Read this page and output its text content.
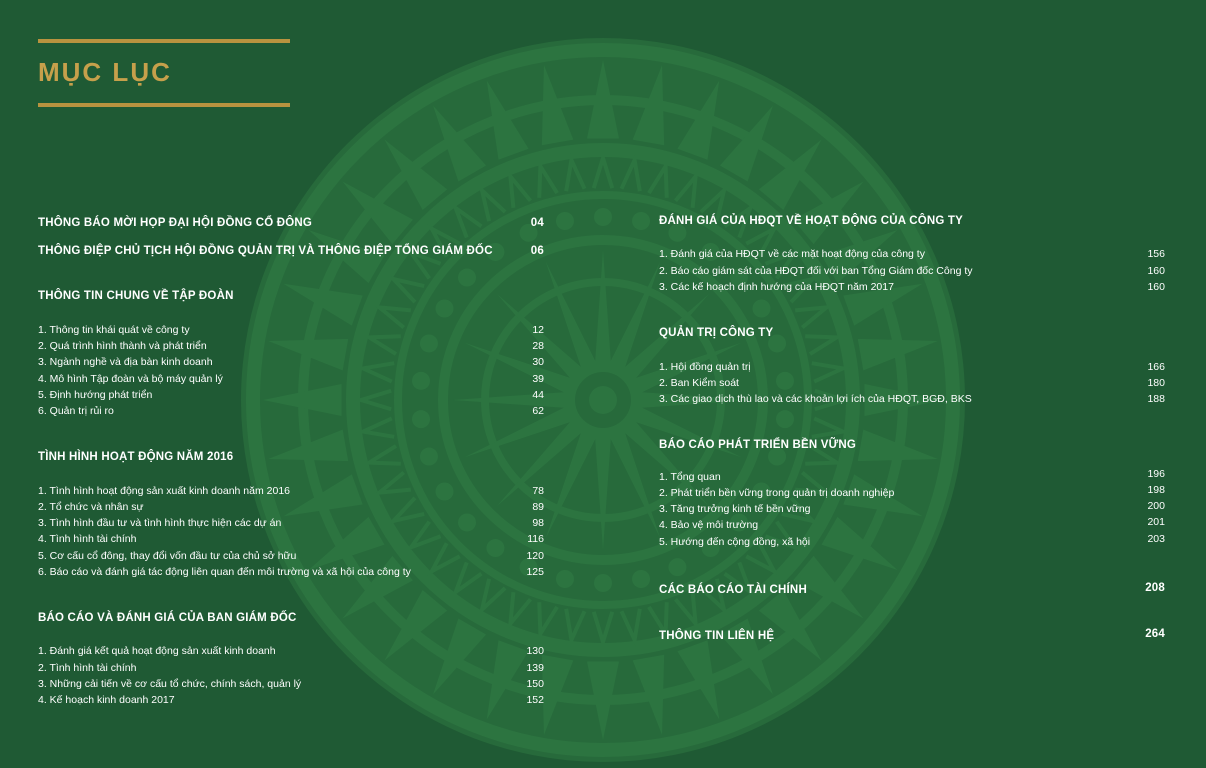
MỤC LỤC
THÔNG BÁO MỜI HỌP ĐẠI HỘI ĐỒNG CỔ ĐÔNG	04
THÔNG ĐIỆP CHỦ TỊCH HỘI ĐỒNG QUẢN TRỊ VÀ THÔNG ĐIỆP TỔNG GIÁM ĐỐC	06
THÔNG TIN CHUNG VỀ TẬP ĐOÀN
1. Thông tin khái quát về công ty	12
2. Quá trình hình thành và phát triển	28
3. Ngành nghề và địa bàn kinh doanh	30
4. Mô hình Tập đoàn và bộ máy quản lý	39
5. Định hướng phát triển	44
6. Quản trị rủi ro	62
TÌNH HÌNH HOẠT ĐỘNG NĂM 2016
1. Tình hình hoạt động sản xuất kinh doanh năm 2016	78
2. Tổ chức và nhân sự	89
3. Tình hình đầu tư và tình hình thực hiện các dự án	98
4. Tình hình tài chính	116
5. Cơ cấu cổ đông, thay đổi vốn đầu tư của chủ sở hữu	120
6. Báo cáo và đánh giá tác động liên quan đến môi trường và xã hội của công ty	125
BÁO CÁO VÀ ĐÁNH GIÁ CỦA BAN GIÁM ĐỐC
1. Đánh giá kết quả hoạt động sản xuất kinh doanh	130
2. Tình hình tài chính	139
3. Những cải tiến về cơ cấu tổ chức, chính sách, quản lý	150
4. Kế hoạch kinh doanh 2017	152
ĐÁNH GIÁ CỦA HĐQT VỀ HOẠT ĐỘNG CỦA CÔNG TY
1. Đánh giá của HĐQT về các mặt hoạt động của công ty	156
2. Báo cáo giám sát của HĐQT đối với ban Tổng Giám đốc Công ty	160
3. Các kế hoạch định hướng của HĐQT năm 2017	160
QUẢN TRỊ CÔNG TY
1. Hội đồng quản trị	166
2. Ban Kiểm soát	180
3. Các giao dịch thù lao và các khoản lợi ích của HĐQT, BGĐ, BKS	188
BÁO CÁO PHÁT TRIỂN BỀN VỮNG
1. Tổng quan	196
2. Phát triển bền vững trong quản trị doanh nghiệp	198
3. Tăng trưởng kinh tế bền vững	200
4. Bảo vệ môi trường	201
5. Hướng đến cộng đồng, xã hội	203
CÁC BÁO CÁO TÀI CHÍNH	208
THÔNG TIN LIÊN HỆ	264
